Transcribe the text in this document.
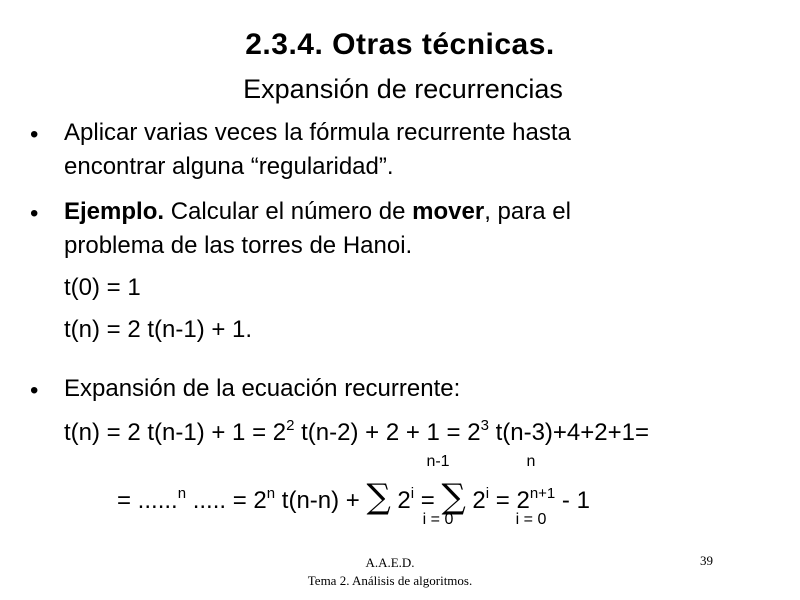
2.3.4. Otras técnicas.
Expansión de recurrencias
• Aplicar varias veces la fórmula recurrente hasta
encontrar alguna “regularidad”.
• Ejemplo. Calcular el número de mover, para el
problema de las torres de Hanoi.
t(0) = 1
t(n) = 2 t(n-1) + 1.
• Expansión de la ecuación recurrente:
t(n) = 2 $t(n-1) + 1 = 2^2$ $t(n-2) + 2 + 1 = 2^3$ t(n-3)+4+2+1=
n-1
i = 0
n
i = 0
= ......$^n$ ..... = $2^n$ t(n-n) + ∑ $2^i$ = ∑ $2^i = 2^{n+1} - 1$
A.A.E.D.
Tema 2. Análisis de algoritmos.
39
